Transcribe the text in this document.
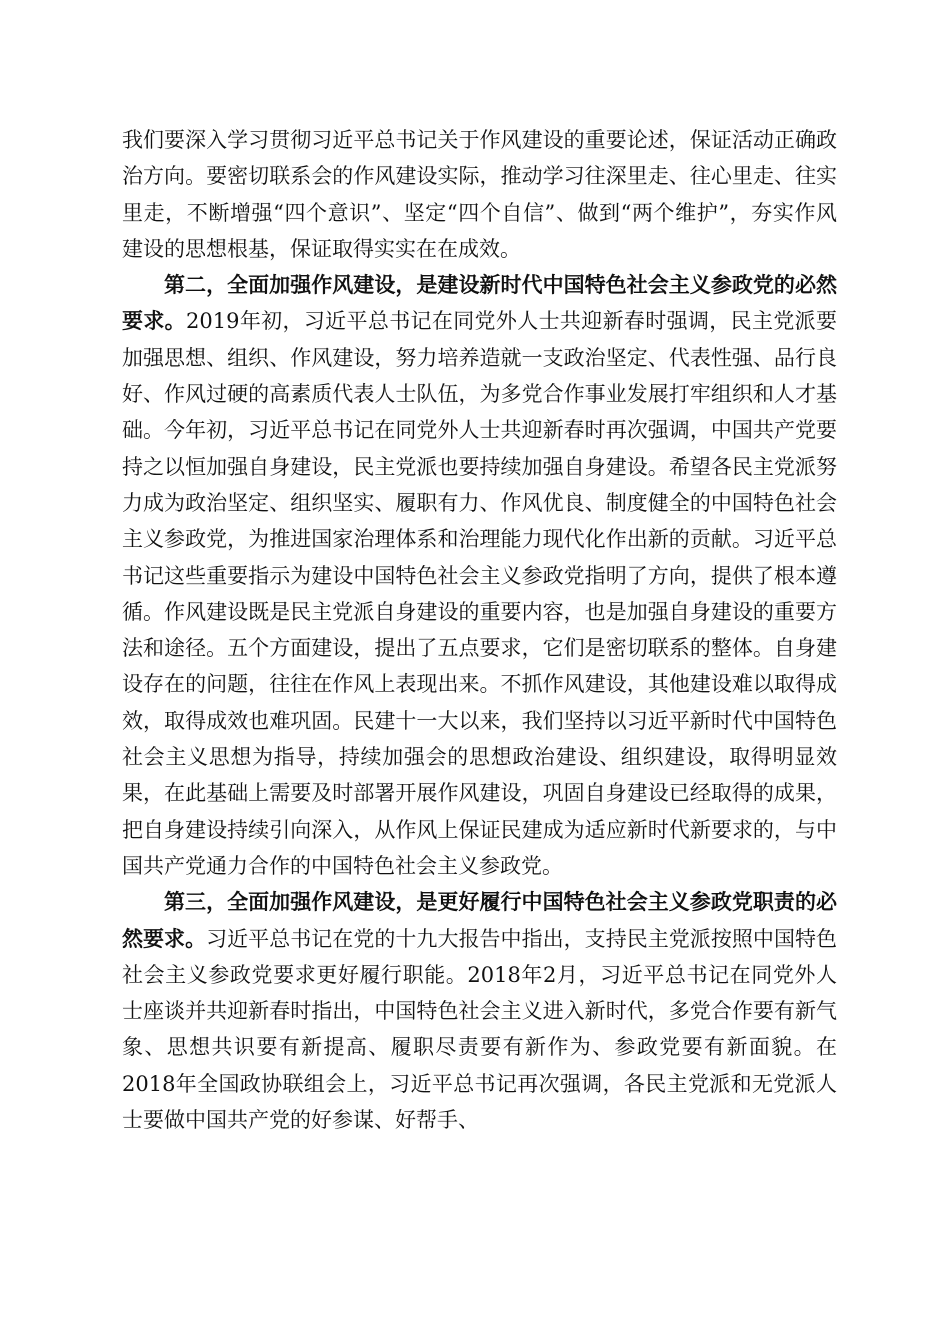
我们要深入学习贯彻习近平总书记关于作风建设的重要论述，保证活动正确政治方向。要密切联系会的作风建设实际，推动学习往深里走、往心里走、往实里走，不断增强“四个意识”、坚定“四个自信”、做到“两个维护”，夯实作风建设的思想根基，保证取得实实在在成效。

第二，全面加强作风建设，是建设新时代中国特色社会主义参政党的必然要求。2019年初，习近平总书记在同党外人士共迎新春时强调，民主党派要加强思想、组织、作风建设，努力培养造就一支政治坚定、代表性强、品行良好、作风过硬的高素质代表人士队伍，为多党合作事业发展打牢组织和人才基础。今年初，习近平总书记在同党外人士共迎新春时再次强调，中国共产党要持之以恒加强自身建设，民主党派也要持续加强自身建设。希望各民主党派努力成为政治坚定、组织坚实、履职有力、作风优良、制度健全的中国特色社会主义参政党，为推进国家治理体系和治理能力现代化作出新的贡献。习近平总书记这些重要指示为建设中国特色社会主义参政党指明了方向，提供了根本遵循。作风建设既是民主党派自身建设的重要内容，也是加强自身建设的重要方法和途径。五个方面建设，提出了五点要求，它们是密切联系的整体。自身建设存在的问题，往往在作风上表现出来。不抓作风建设，其他建设难以取得成效，取得成效也难巩固。民建十一大以来，我们坚持以习近平新时代中国特色社会主义思想为指导，持续加强会的思想政治建设、组织建设，取得明显效果，在此基础上需要及时部署开展作风建设，巩固自身建设已经取得的成果，把自身建设持续引向深入，从作风上保证民建成为适应新时代新要求的，与中国共产党通力合作的中国特色社会主义参政党。

第三，全面加强作风建设，是更好履行中国特色社会主义参政党职责的必然要求。习近平总书记在党的十九大报告中指出，支持民主党派按照中国特色社会主义参政党要求更好履行职能。2018年2月，习近平总书记在同党外人士座谈并共迎新春时指出，中国特色社会主义进入新时代，多党合作要有新气象、思想共识要有新提高、履职尽责要有新作为、参政党要有新面貌。在2018年全国政协联组会上，习近平总书记再次强调，各民主党派和无党派人士要做中国共产党的好参谋、好帮手、
